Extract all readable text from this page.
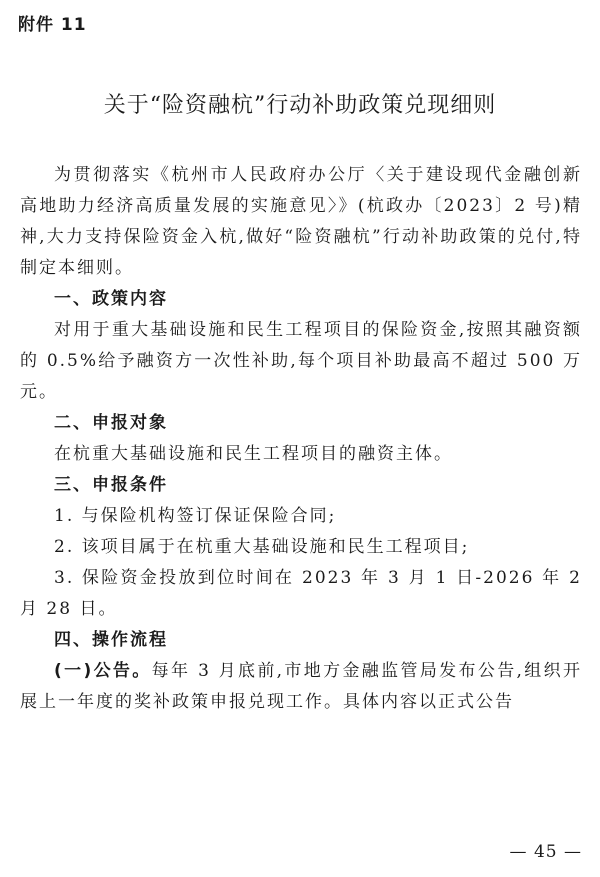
附件 11
关于“险资融杭”行动补助政策兑现细则

为贯彻落实《杭州市人民政府办公厅〈关于建设现代金融创新高地助力经济高质量发展的实施意见〉》(杭政办〔2023〕2 号)精神,大力支持保险资金入杭,做好“险资融杭”行动补助政策的兑付,特制定本细则。

一、政策内容

对用于重大基础设施和民生工程项目的保险资金,按照其融资额的 0.5%给予融资方一次性补助,每个项目补助最高不超过 500 万元。

二、申报对象

在杭重大基础设施和民生工程项目的融资主体。

三、申报条件

1. 与保险机构签订保证保险合同;

2. 该项目属于在杭重大基础设施和民生工程项目;

3. 保险资金投放到位时间在 2023 年 3 月 1 日-2026 年 2 月 28 日。

四、操作流程

(一)公告。每年 3 月底前,市地方金融监管局发布公告,组织开展上一年度的奖补政策申报兑现工作。具体内容以正式公告

— 45 —
